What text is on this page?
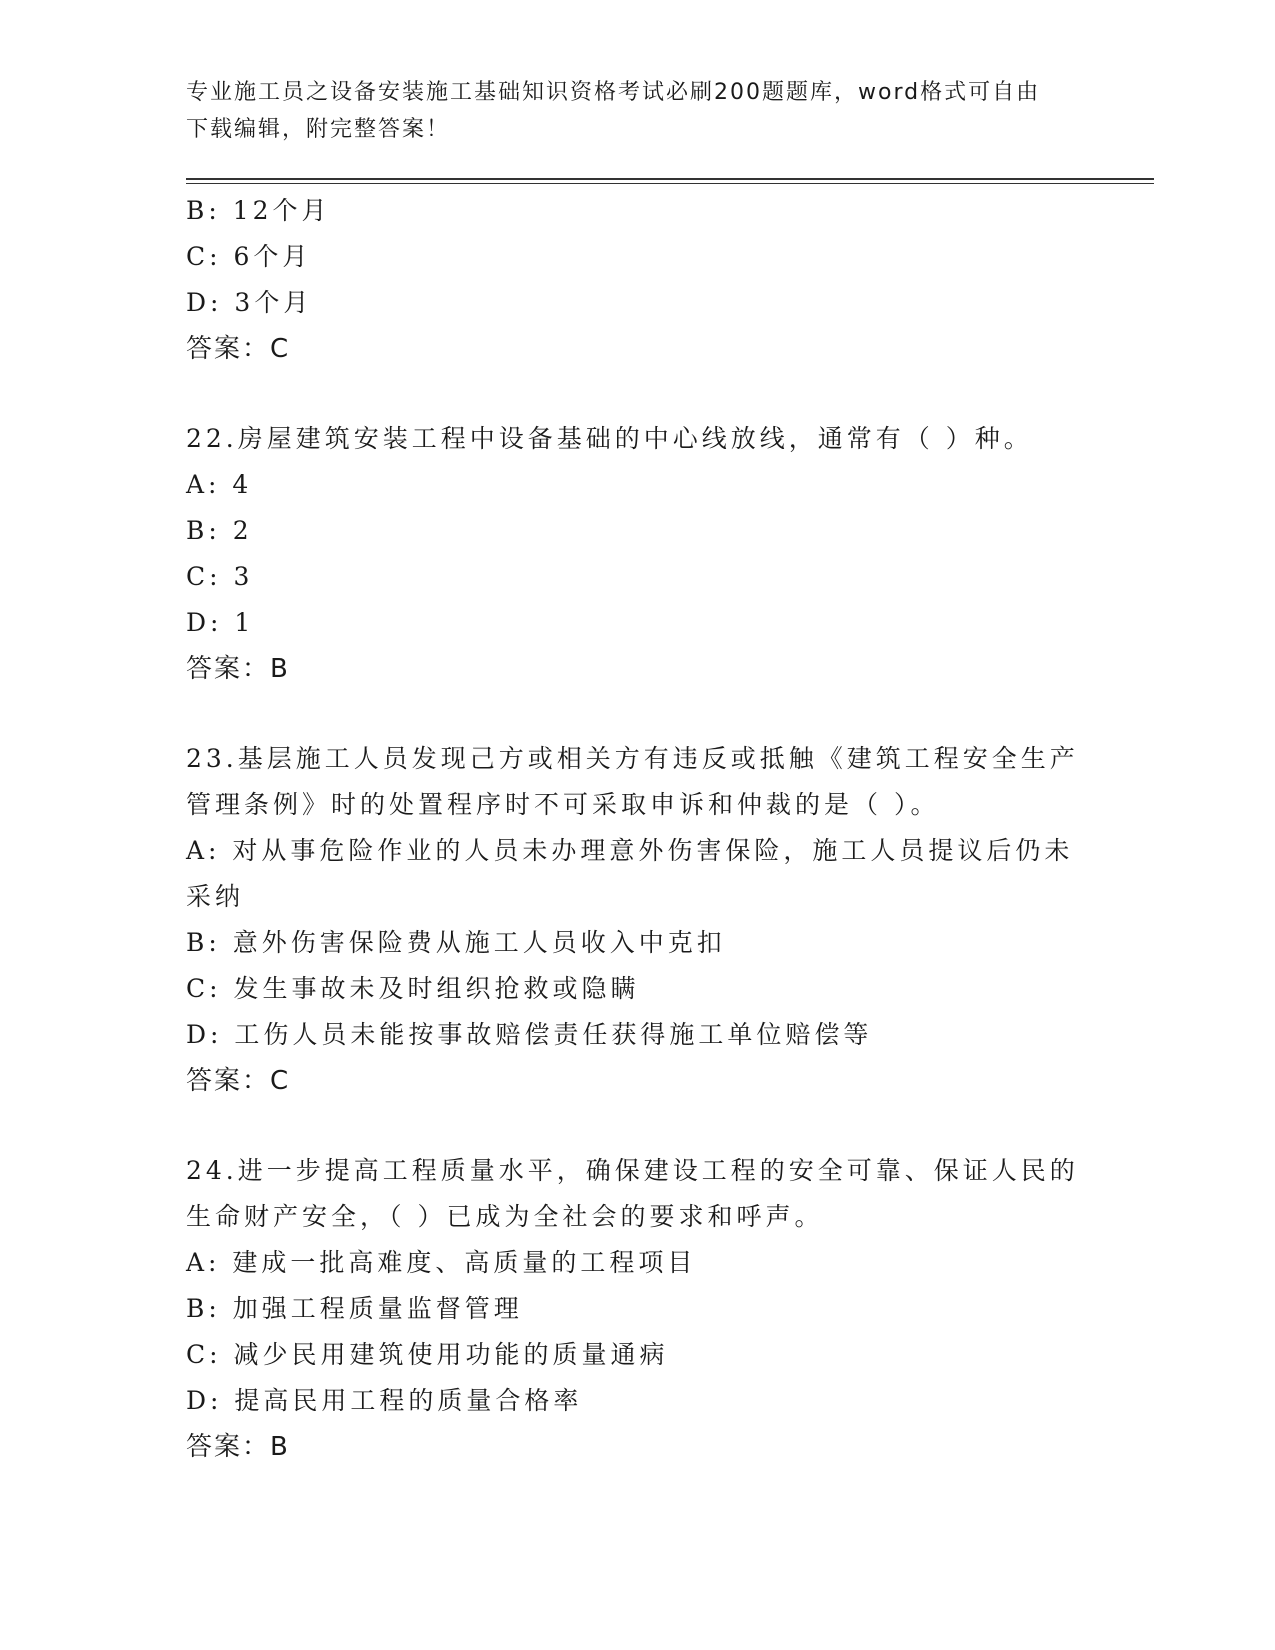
专业施工员之设备安装施工基础知识资格考试必刷200题题库，word格式可自由
下载编辑，附完整答案！
B: 12个月
C: 6个月
D: 3个月
答案：C
22.房屋建筑安装工程中设备基础的中心线放线，通常有（ ）种。
A: 4
B: 2
C: 3
D: 1
答案：B
23.基层施工人员发现己方或相关方有违反或抵触《建筑工程安全生产
管理条例》时的处置程序时不可采取申诉和仲裁的是（ ）。
A: 对从事危险作业的人员未办理意外伤害保险，施工人员提议后仍未
采纳
B: 意外伤害保险费从施工人员收入中克扣
C: 发生事故未及时组织抢救或隐瞒
D: 工伤人员未能按事故赔偿责任获得施工单位赔偿等
答案：C
24.进一步提高工程质量水平，确保建设工程的安全可靠、保证人民的
生命财产安全，（ ）已成为全社会的要求和呼声。
A: 建成一批高难度、高质量的工程项目
B: 加强工程质量监督管理
C: 减少民用建筑使用功能的质量通病
D: 提高民用工程的质量合格率
答案：B
